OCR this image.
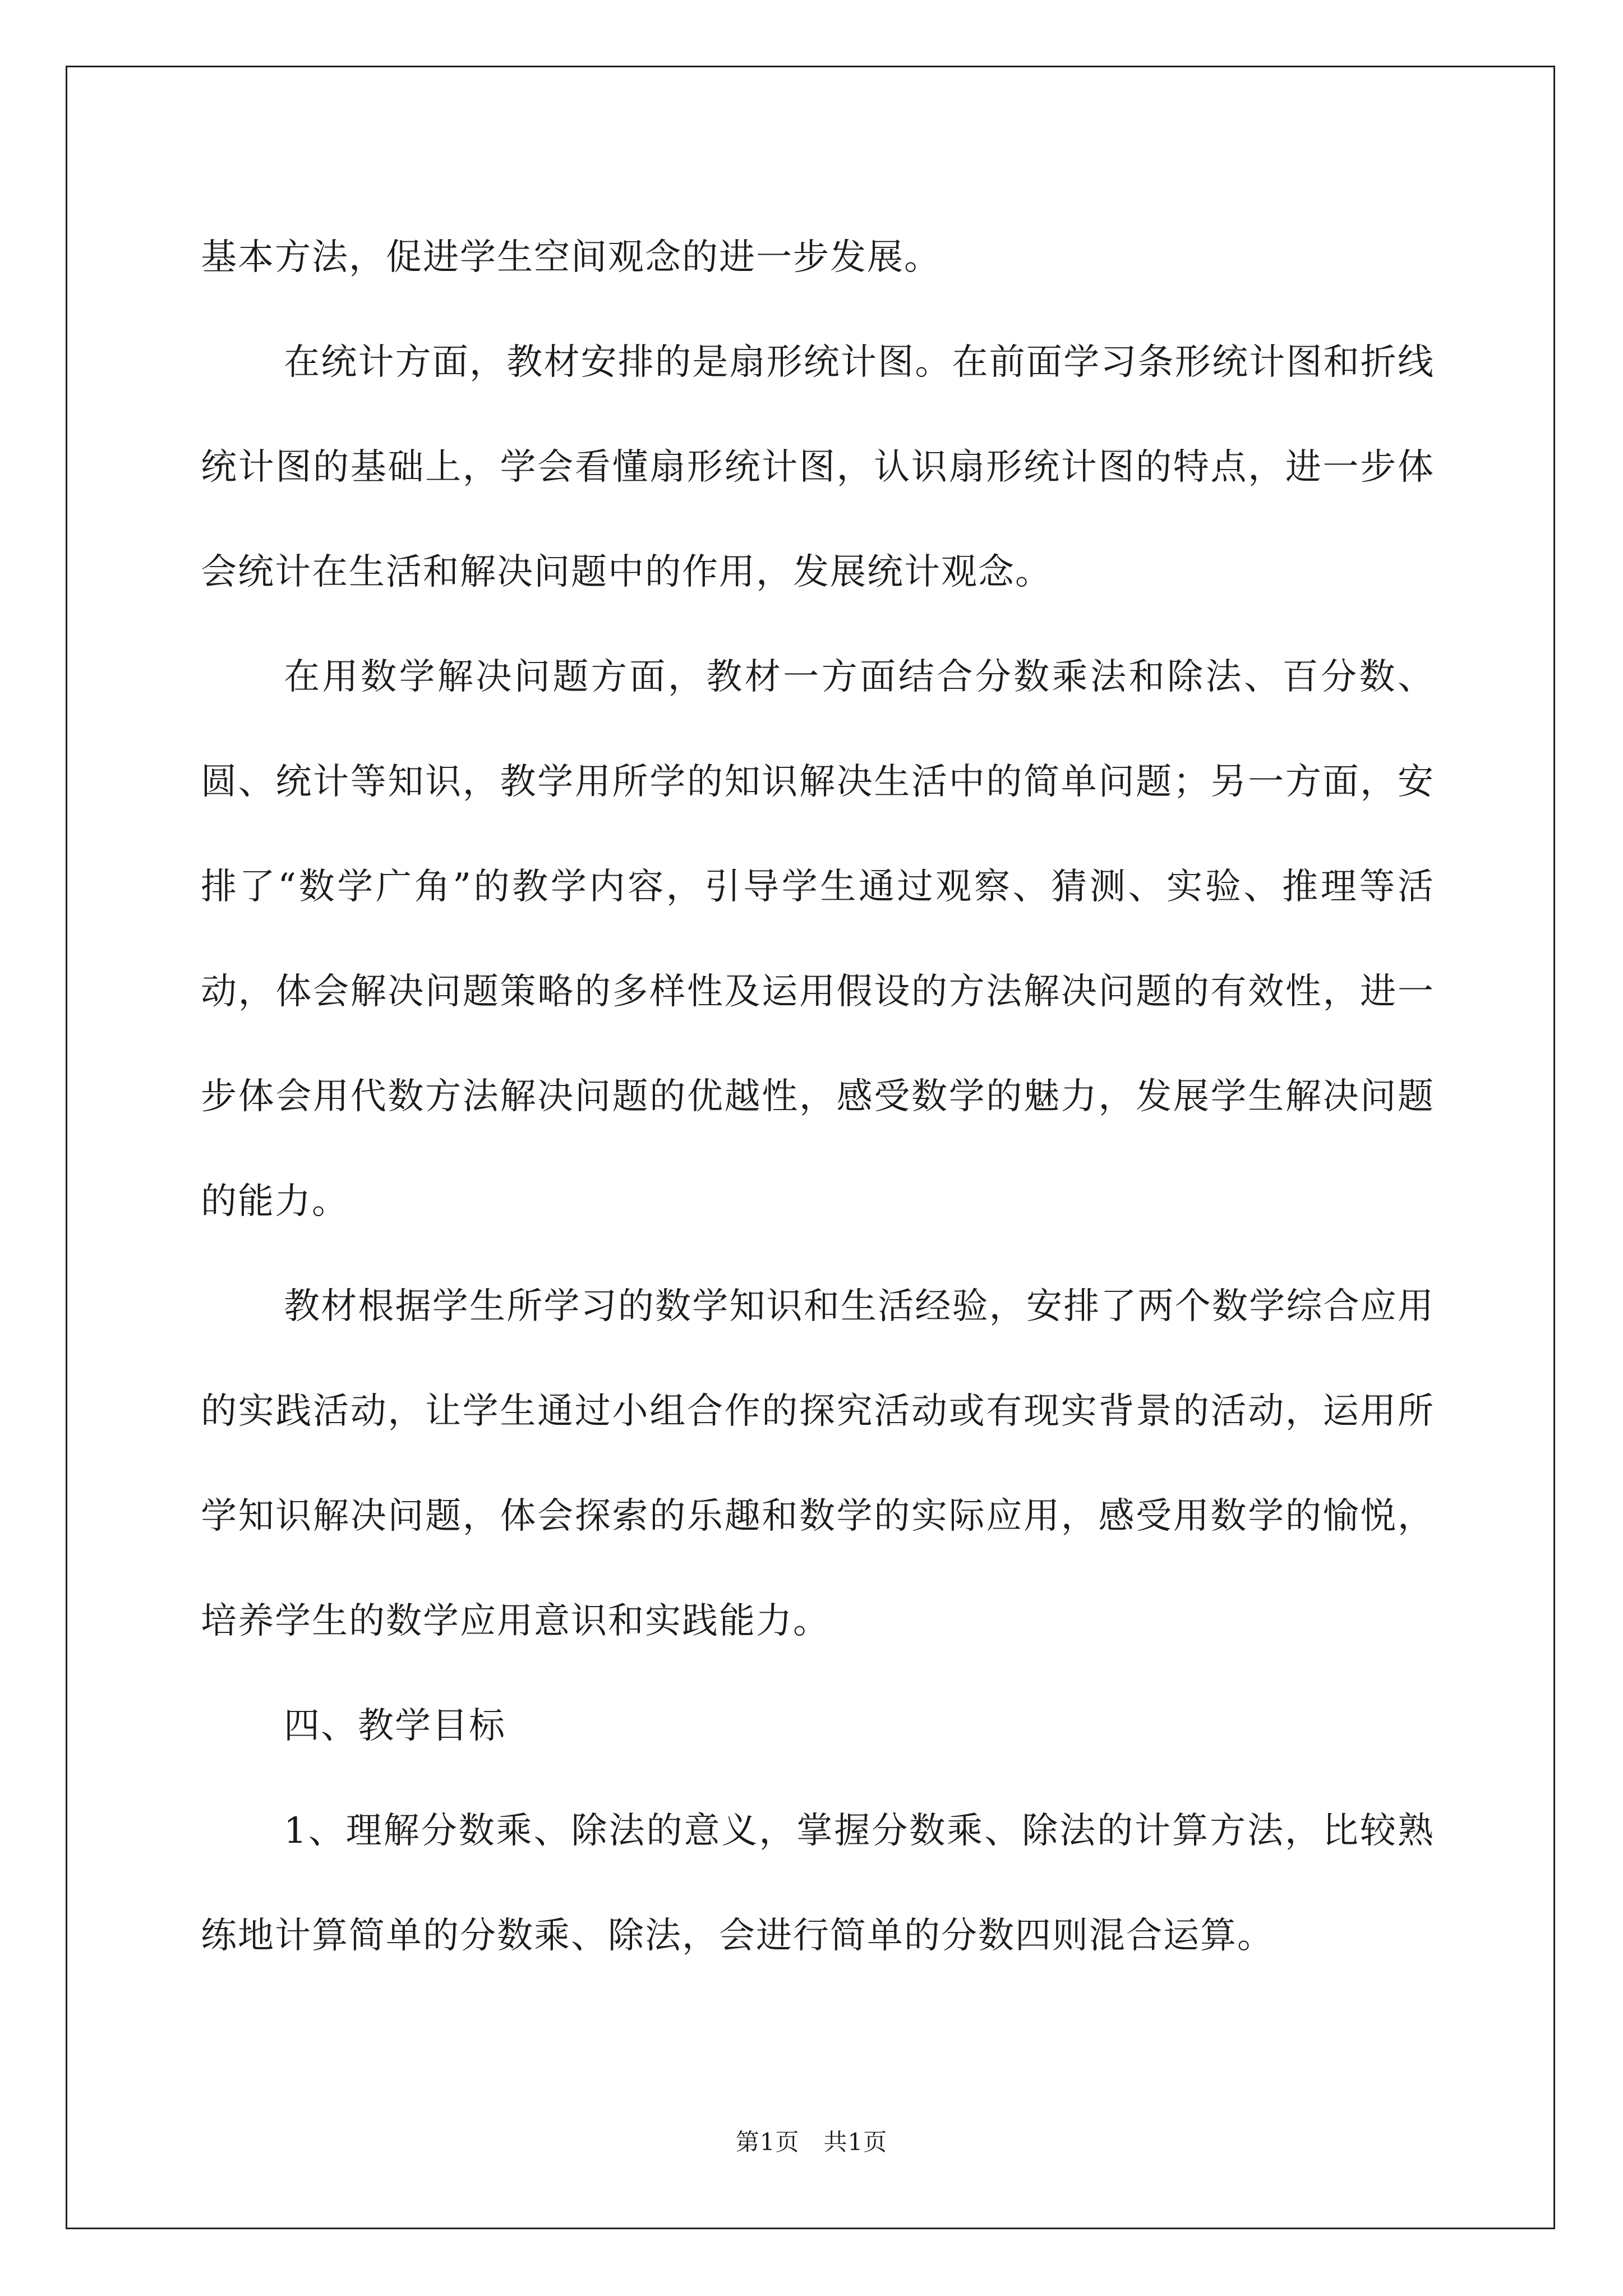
基本方法，促进学生空间观念的进一步发展。

在统计方面，教材安排的是扇形统计图。在前面学习条形统计图和折线统计图的基础上，学会看懂扇形统计图，认识扇形统计图的特点，进一步体会统计在生活和解决问题中的作用，发展统计观念。

在用数学解决问题方面，教材一方面结合分数乘法和除法、百分数、圆、统计等知识，教学用所学的知识解决生活中的简单问题；另一方面，安排了“数学广角”的教学内容，引导学生通过观察、猜测、实验、推理等活动，体会解决问题策略的多样性及运用假设的方法解决问题的有效性，进一步体会用代数方法解决问题的优越性，感受数学的魅力，发展学生解决问题的能力。

教材根据学生所学习的数学知识和生活经验，安排了两个数学综合应用的实践活动，让学生通过小组合作的探究活动或有现实背景的活动，运用所学知识解决问题，体会探索的乐趣和数学的实际应用，感受用数学的愉悦，培养学生的数学应用意识和实践能力。

四、教学目标

1、理解分数乘、除法的意义，掌握分数乘、除法的计算方法，比较熟练地计算简单的分数乘、除法，会进行简单的分数四则混合运算。

第1页　共1页
